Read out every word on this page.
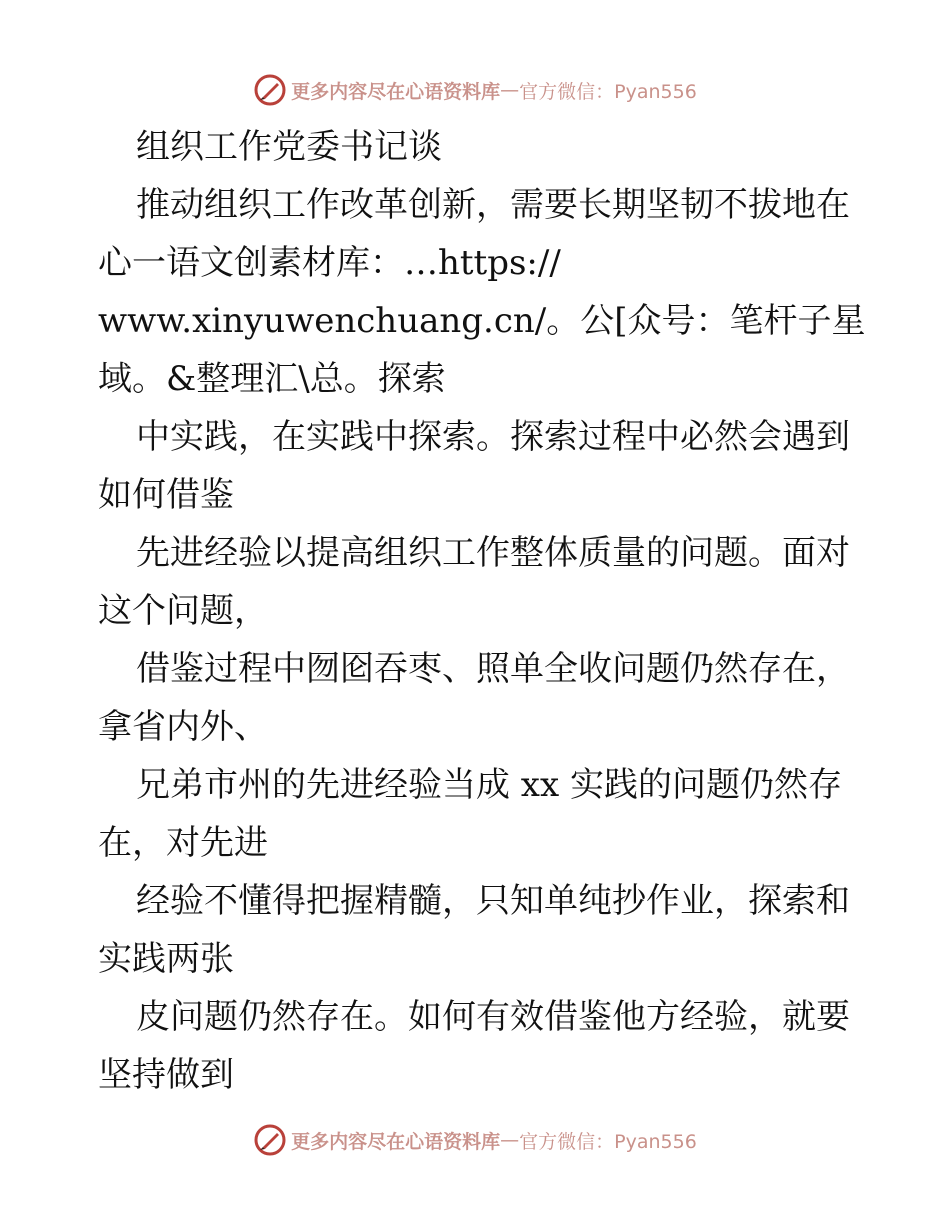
更多内容尽在心语资料库 — 官方微信：Pyan556
组织工作党委书记谈
推动组织工作改革创新，需要长期坚韧不拔地在
心一语文创素材库：…https://
www.xinyuwenchuang.cn/。公[众号：笔杆子星
域。&整理汇\总。探索
中实践，在实践中探索。探索过程中必然会遇到
如何借鉴
先进经验以提高组织工作整体质量的问题。面对
这个问题，
借鉴过程中囫囵吞枣、照单全收问题仍然存在，
拿省内外、
兄弟市州的先进经验当成 xx 实践的问题仍然存
在，对先进
经验不懂得把握精髓，只知单纯抄作业，探索和
实践两张
皮问题仍然存在。如何有效借鉴他方经验，就要
坚持做到
更多内容尽在心语资料库 — 官方微信：Pyan556
